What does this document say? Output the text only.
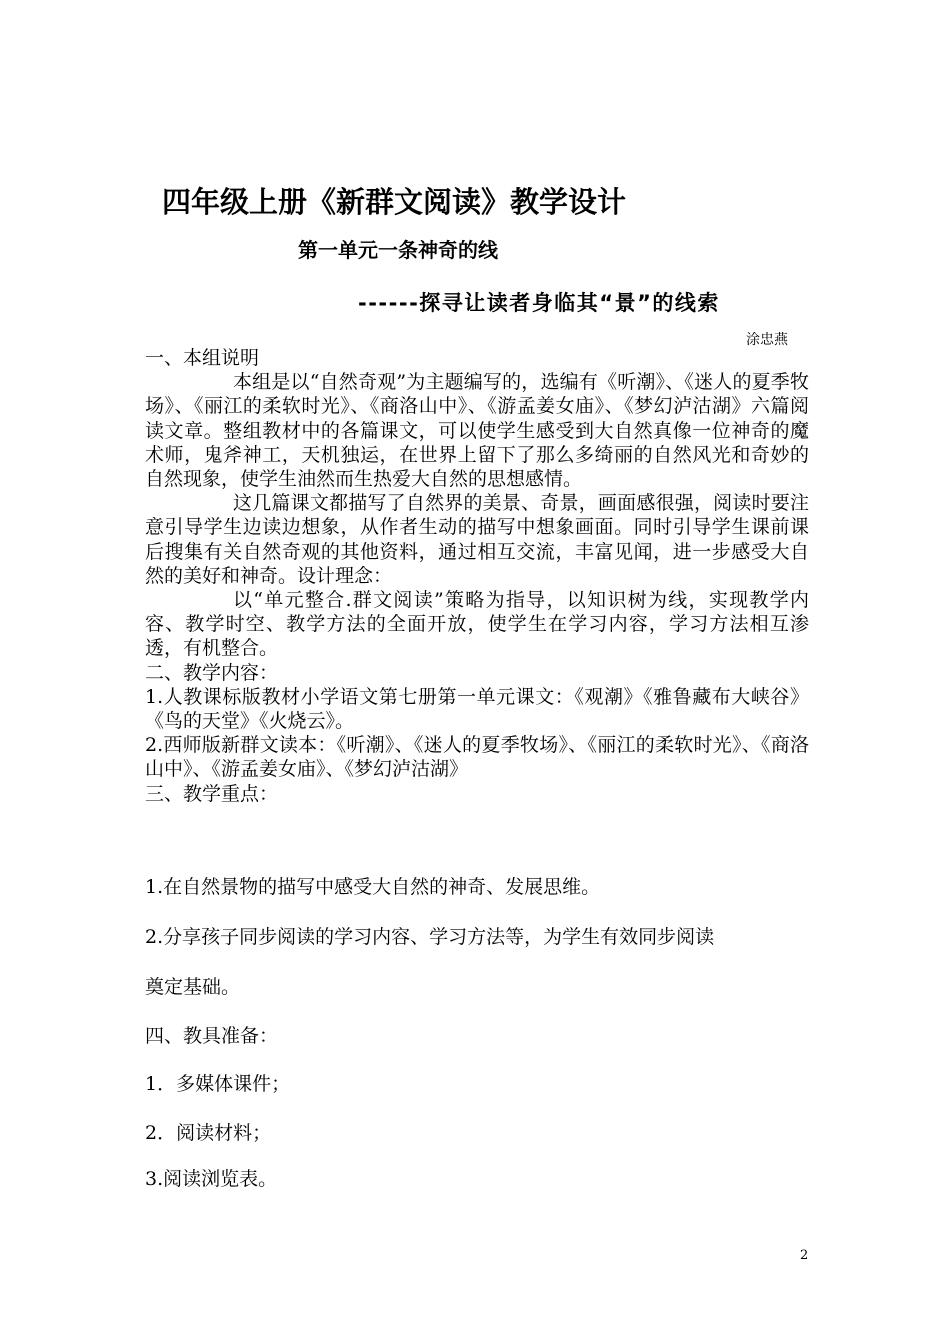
四年级上册《新群文阅读》教学设计
第一单元一条神奇的线
------探寻让读者身临其“景”的线索
涂忠燕

一、本组说明

本组是以“自然奇观”为主题编写的，选编有《听潮》、《迷人的夏季牧场》、《丽江的柔软时光》、《商洛山中》、《游孟姜女庙》、《梦幻泸沽湖》六篇阅读文章。整组教材中的各篇课文，可以使学生感受到大自然真像一位神奇的魔术师，鬼斧神工，天机独运，在世界上留下了那么多绮丽的自然风光和奇妙的自然现象，使学生油然而生热爱大自然的思想感情。

这几篇课文都描写了自然界的美景、奇景，画面感很强，阅读时要注意引导学生边读边想象，从作者生动的描写中想象画面。同时引导学生课前课后搜集有关自然奇观的其他资料，通过相互交流，丰富见闻，进一步感受大自然的美好和神奇。设计理念：

以“单元整合.群文阅读”策略为指导，以知识树为线，实现教学内容、教学时空、教学方法的全面开放，使学生在学习内容，学习方法相互渗透，有机整合。

二、教学内容：

1.人教课标版教材小学语文第七册第一单元课文：《观潮》《雅鲁藏布大峡谷》《鸟的天堂》《火烧云》。

2.西师版新群文读本：《听潮》、《迷人的夏季牧场》、《丽江的柔软时光》、《商洛山中》、《游孟姜女庙》、《梦幻泸沽湖》

三、教学重点：

1.在自然景物的描写中感受大自然的神奇、发展思维。

2.分享孩子同步阅读的学习内容、学习方法等，为学生有效同步阅读

奠定基础。

四、教具准备：

1．多媒体课件；

2．阅读材料；

3.阅读浏览表。

2
